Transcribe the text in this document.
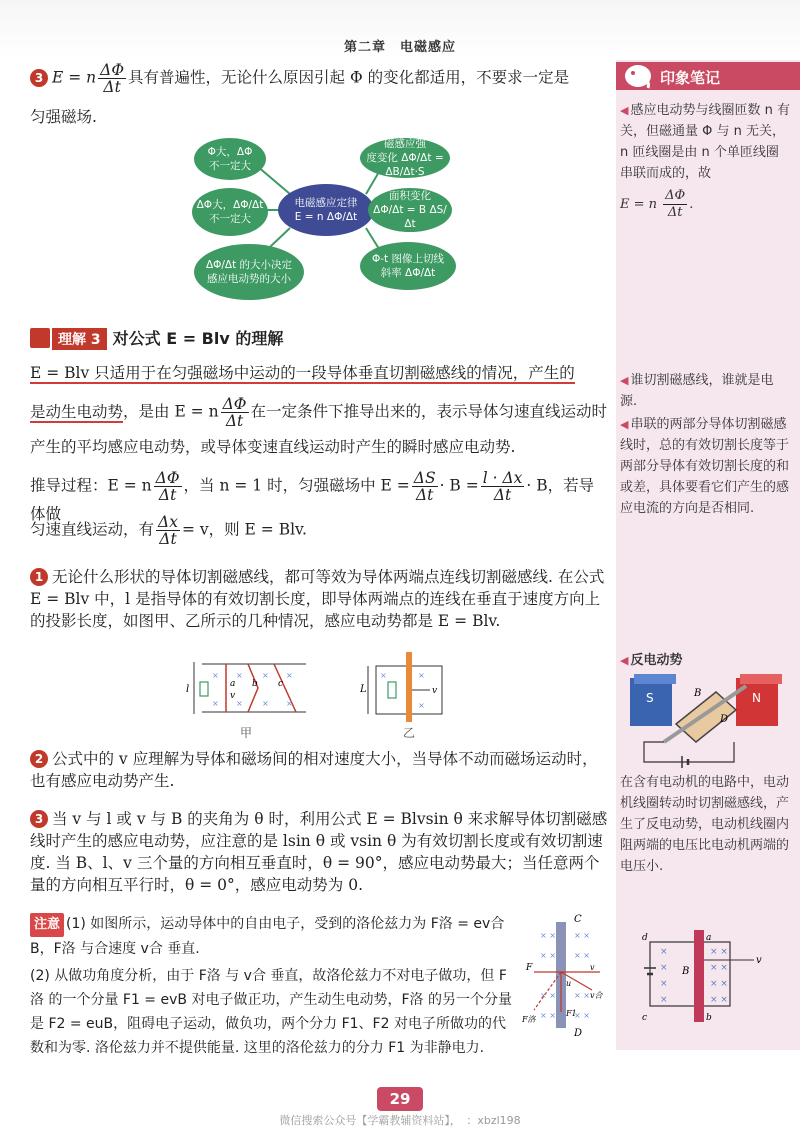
第二章　电磁感应
印象笔记
◀ 感应电动势与线圈匝数 n 有关，但磁通量 Φ 与 n 无关，n 匝线圈是由 n 个单匝线圈串联而成的，故
E = n $\frac{\Delta\Phi}{\Delta t}$ .
◀ 谁切割磁感线，谁就是电源.
◀ 串联的两部分导体切割磁感线时，总的有效切割长度等于两部分导体有效切割长度的和或差，具体要看它们产生的感应电流的方向是否相同.
◀ 反电动势
S	N
B
D
在含有电动机的电路中，电动机线圈转动时切割磁感线，产生了反电动势，电动机线圈内阻两端的电压比电动机两端的电压小.
× ×
× ×
× ×
× ×
×
×
×
×
v
B
d
c
a
b
3 E = n $\frac{\Delta\Phi}{\Delta t}$ 具有普遍性，无论什么原因引起 Φ 的变化都适用，不要求一定是
匀强磁场.
Φ大，ΔΦ
不一定大
ΔΦ大，ΔΦ/Δt
不一定大
ΔΦ/Δt 的大小决定
感应电动势的大小
电磁感应定律
E = n ΔΦ/Δt
磁感应强
度变化 ΔΦ/Δt = ΔB/Δt·S
面积变化
ΔΦ/Δt = B ΔS/Δt
Φ-t 图像上切线
斜率 ΔΦ/Δt
理解 3 对公式 E = Blv 的理解
E = Blv 只适用于在匀强磁场中运动的一段导体垂直切割磁感线的情况，产生的
是动生电动势，是由 E = n $\frac{\Delta\Phi}{\Delta t}$ 在一定条件下推导出来的，表示导体匀速直线运动时
产生的平均感应电动势，或导体变速直线运动时产生的瞬时感应电动势.
推导过程：E = n $\frac{\Delta\Phi}{\Delta t}$ ，当 n = 1 时，匀强磁场中 $E = \frac{\Delta S}{\Delta t} \cdot B = \frac{l \cdot \Delta x}{\Delta t} \cdot B$，若导体做
匀速直线运动，有 $\frac{\Delta x}{\Delta t} = v$，则 E = Blv.
1 无论什么形状的导体切割磁感线，都可等效为导体两端点连线切割磁感线. 在公式 E = Blv 中，l 是指导体的有效切割长度，即导体两端点的连线在垂直于速度方向上的投影长度，如图甲、乙所示的几种情况，感应电动势都是 E = Blv.
l
× × × ×
× × × ×
a b c
v
甲
L	v
×
×
×
乙
2 公式中的 v 应理解为导体和磁场间的相对速度大小，当导体不动而磁场运动时，也有感应电动势产生.
3 当 v 与 l 或 v 与 B 的夹角为 θ 时，利用公式 E = Blvsin θ 来求解导体切割磁感线时产生的感应电动势，应注意的是 lsin θ 或 vsin θ 为有效切割长度或有效切割速度. 当 B、l、v 三个量的方向相互垂直时，θ = 90°，感应电动势最大；当任意两个量的方向相互平行时，θ = 0°，感应电动势为 0.
注意 (1) 如图所示，运动导体中的自由电子，受到的洛伦兹力为 F洛 = ev合 B，F洛 与合速度 v合 垂直.
(2) 从做功角度分析，由于 F洛 与 v合 垂直，故洛伦兹力不对电子做功，但 F洛 的一个分量 F1 = evB 对电子做正功，产生动生电动势，F洛 的另一个分量是 F2 = euB，阻碍电子运动，做负功，两个分力 F1、F2 对电子所做功的代数和为零. 洛伦兹力并不提供能量. 这里的洛伦兹力的分力 F1 为非静电力.
C
D
× × × ×
× × × ×
× × × ×
× × × ×
F
F1
v
v合
F洛
u
29
微信搜索公众号【学霸教辅资料站】，　：xbzl198
